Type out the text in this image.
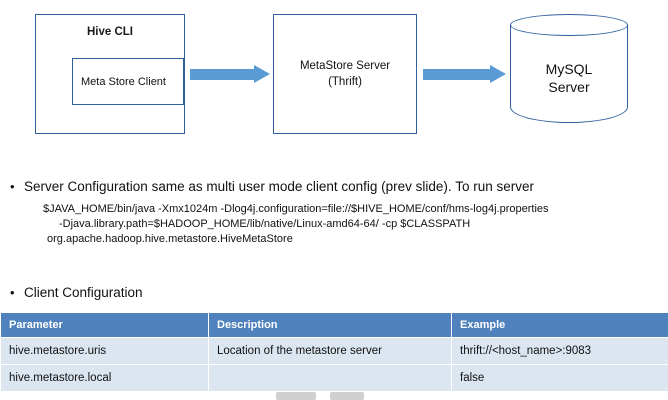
Hive CLI
Meta Store Client
MetaStore Server
(Thrift)
MySQL
Server
• Server Configuration same as multi user mode client config (prev slide). To run server
$JAVA_HOME/bin/java -Xmx1024m -Dlog4j.configuration=file://$HIVE_HOME/conf/hms-log4j.properties
-Djava.library.path=$HADOOP_HOME/lib/native/Linux-amd64-64/ -cp $CLASSPATH
org.apache.hadoop.hive.metastore.HiveMetaStore
• Client Configuration
Parameter	Description	Example
hive.metastore.uris	Location of the metastore server	thrift://<host_name>:9083
hive.metastore.local		false
